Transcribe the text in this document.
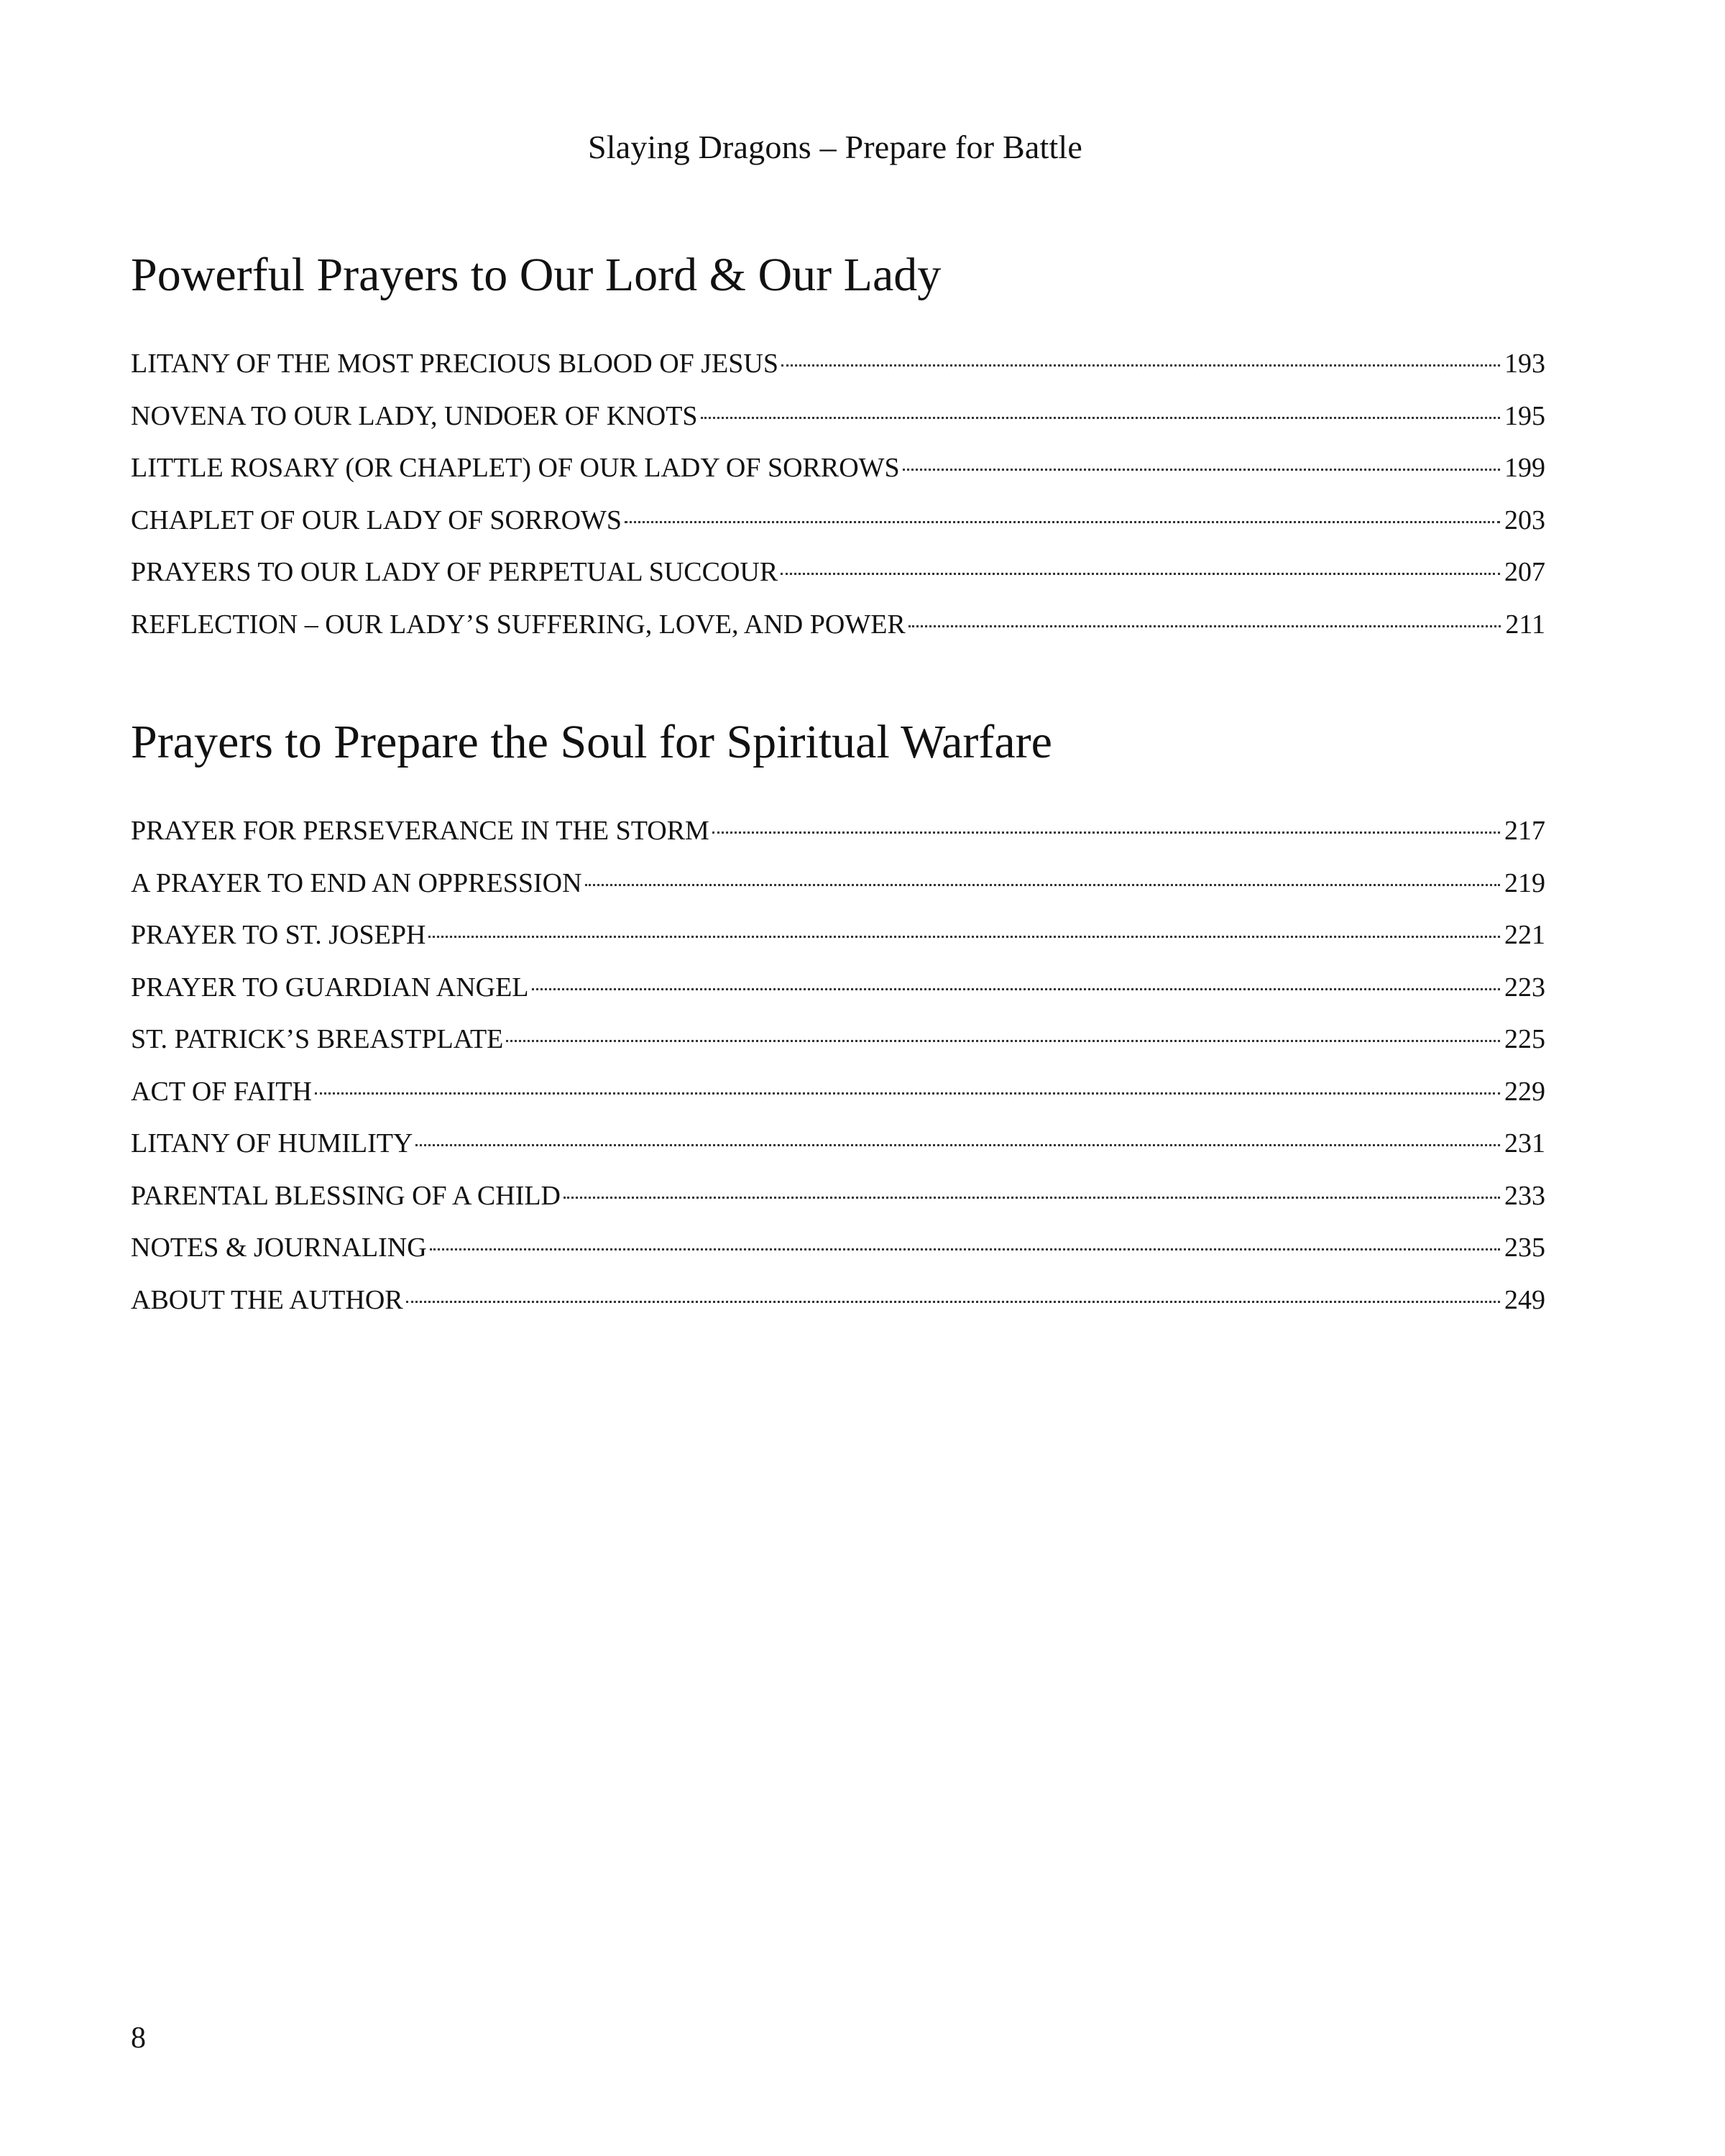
Slaying Dragons – Prepare for Battle
Powerful Prayers to Our Lord & Our Lady
LITANY OF THE MOST PRECIOUS BLOOD OF JESUS	193
NOVENA TO OUR LADY, UNDOER OF KNOTS	195
LITTLE ROSARY (OR CHAPLET) OF OUR LADY OF SORROWS	199
CHAPLET OF OUR LADY OF SORROWS	203
PRAYERS TO OUR LADY OF PERPETUAL SUCCOUR	207
REFLECTION – OUR LADY’S SUFFERING, LOVE, AND POWER	211
Prayers to Prepare the Soul for Spiritual Warfare
PRAYER FOR PERSEVERANCE IN THE STORM	217
A PRAYER TO END AN OPPRESSION	219
PRAYER TO ST. JOSEPH	221
PRAYER TO GUARDIAN ANGEL	223
ST. PATRICK’S BREASTPLATE	225
ACT OF FAITH	229
LITANY OF HUMILITY	231
PARENTAL BLESSING OF A CHILD	233
NOTES & JOURNALING	235
ABOUT THE AUTHOR	249
8
